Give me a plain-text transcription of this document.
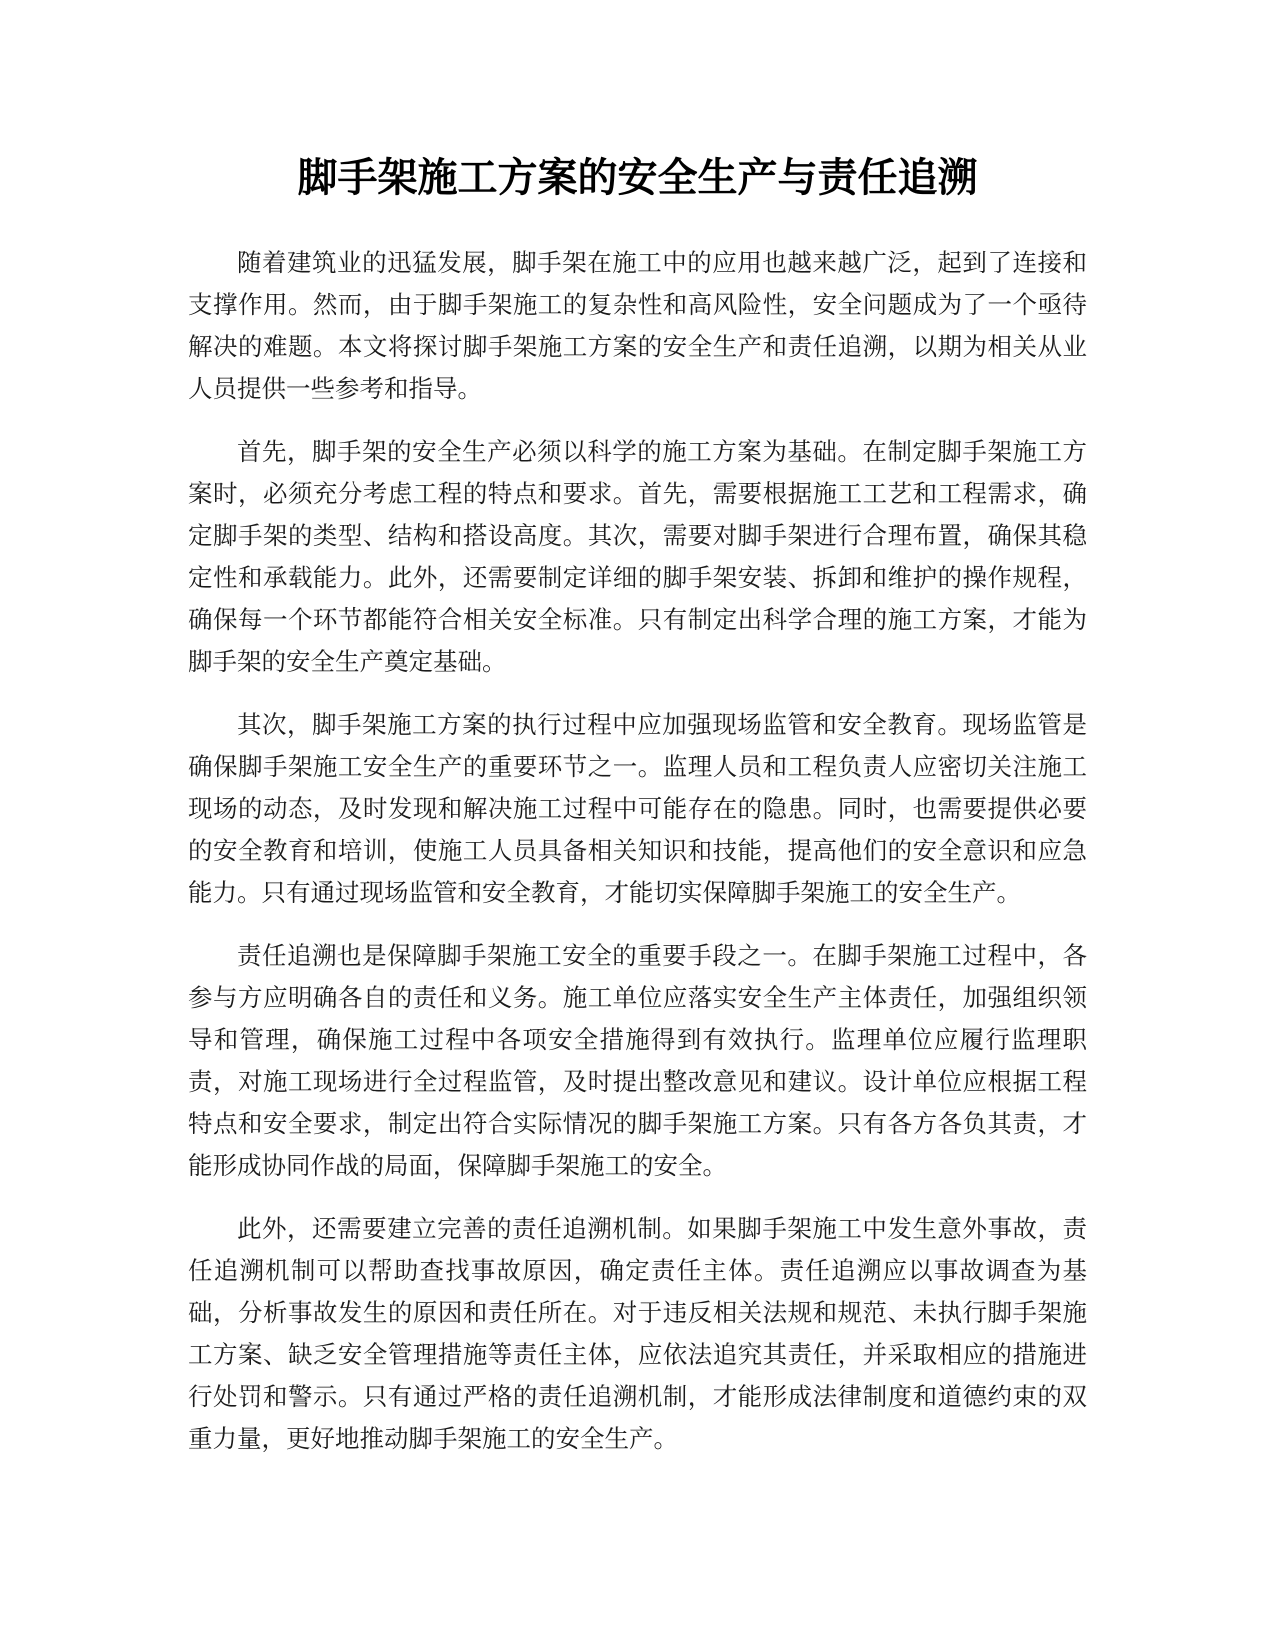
脚手架施工方案的安全生产与责任追溯

随着建筑业的迅猛发展，脚手架在施工中的应用也越来越广泛，起到了连接和支撑作用。然而，由于脚手架施工的复杂性和高风险性，安全问题成为了一个亟待解决的难题。本文将探讨脚手架施工方案的安全生产和责任追溯，以期为相关从业人员提供一些参考和指导。

首先，脚手架的安全生产必须以科学的施工方案为基础。在制定脚手架施工方案时，必须充分考虑工程的特点和要求。首先，需要根据施工工艺和工程需求，确定脚手架的类型、结构和搭设高度。其次，需要对脚手架进行合理布置，确保其稳定性和承载能力。此外，还需要制定详细的脚手架安装、拆卸和维护的操作规程，确保每一个环节都能符合相关安全标准。只有制定出科学合理的施工方案，才能为脚手架的安全生产奠定基础。

其次，脚手架施工方案的执行过程中应加强现场监管和安全教育。现场监管是确保脚手架施工安全生产的重要环节之一。监理人员和工程负责人应密切关注施工现场的动态，及时发现和解决施工过程中可能存在的隐患。同时，也需要提供必要的安全教育和培训，使施工人员具备相关知识和技能，提高他们的安全意识和应急能力。只有通过现场监管和安全教育，才能切实保障脚手架施工的安全生产。

责任追溯也是保障脚手架施工安全的重要手段之一。在脚手架施工过程中，各参与方应明确各自的责任和义务。施工单位应落实安全生产主体责任，加强组织领导和管理，确保施工过程中各项安全措施得到有效执行。监理单位应履行监理职责，对施工现场进行全过程监管，及时提出整改意见和建议。设计单位应根据工程特点和安全要求，制定出符合实际情况的脚手架施工方案。只有各方各负其责，才能形成协同作战的局面，保障脚手架施工的安全。

此外，还需要建立完善的责任追溯机制。如果脚手架施工中发生意外事故，责任追溯机制可以帮助查找事故原因，确定责任主体。责任追溯应以事故调查为基础，分析事故发生的原因和责任所在。对于违反相关法规和规范、未执行脚手架施工方案、缺乏安全管理措施等责任主体，应依法追究其责任，并采取相应的措施进行处罚和警示。只有通过严格的责任追溯机制，才能形成法律制度和道德约束的双重力量，更好地推动脚手架施工的安全生产。
